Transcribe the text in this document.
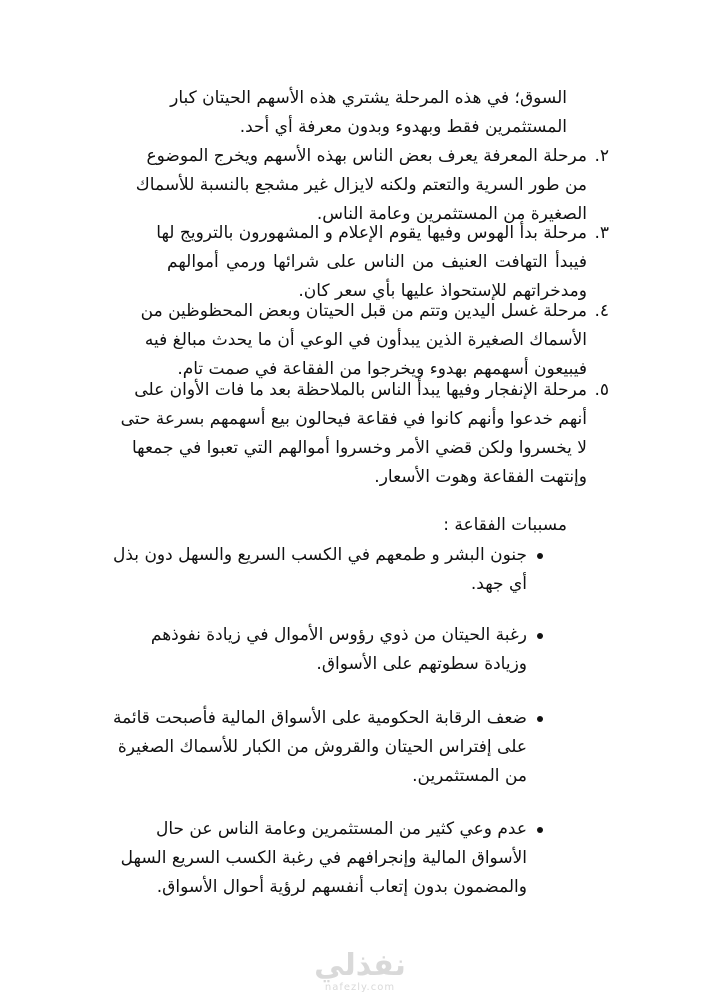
السوق؛ في هذه المرحلة يشتري هذه الأسهم الحيتان كبار
المستثمرين فقط وبهدوء وبدون معرفة أي أحد.
٢.
مرحلة المعرفة يعرف بعض الناس بهذه الأسهم ويخرج الموضوع
من طور السرية والتعتم ولكنه لايزال غير مشجع بالنسبة للأسماك
الصغيرة من المستثمرين وعامة الناس.
٣.
مرحلة بدأ الهوس وفيها يقوم الإعلام و المشهورون بالترويج لها
فيبدأ التهافت العنيف من الناس على شرائها ورمي أموالهم
ومدخراتهم للإستحواذ عليها بأي سعر كان.
٤.
مرحلة غسل اليدين وتتم من قبل الحيتان وبعض المحظوظين من
الأسماك الصغيرة الذين يبدأون في الوعي أن ما يحدث مبالغ فيه
فيبيعون أسهمهم بهدوء ويخرجوا من الفقاعة في صمت تام.
٥.
مرحلة الإنفجار وفيها يبدأ الناس بالملاحظة بعد ما فات الأوان على
أنهم خدعوا وأنهم كانوا في فقاعة فيحالون بيع أسهمهم بسرعة حتى
لا يخسروا ولكن قضي الأمر وخسروا أموالهم التي تعبوا في جمعها
وإنتهت الفقاعة وهوت الأسعار.
مسببات الفقاعة :
جنون البشر و طمعهم في الكسب السريع والسهل دون بذل
أي جهد.
رغبة الحيتان من ذوي رؤوس الأموال في زيادة نفوذهم
وزيادة سطوتهم على الأسواق.
ضعف الرقابة الحكومية على الأسواق المالية فأصبحت قائمة
على إفتراس الحيتان والقروش من الكبار للأسماك الصغيرة
من المستثمرين.
عدم وعي كثير من المستثمرين وعامة الناس عن حال
الأسواق المالية وإنجرافهم في رغبة الكسب السريع السهل
والمضمون بدون إتعاب أنفسهم لرؤية أحوال الأسواق.
نفذلي
nafezly.com
